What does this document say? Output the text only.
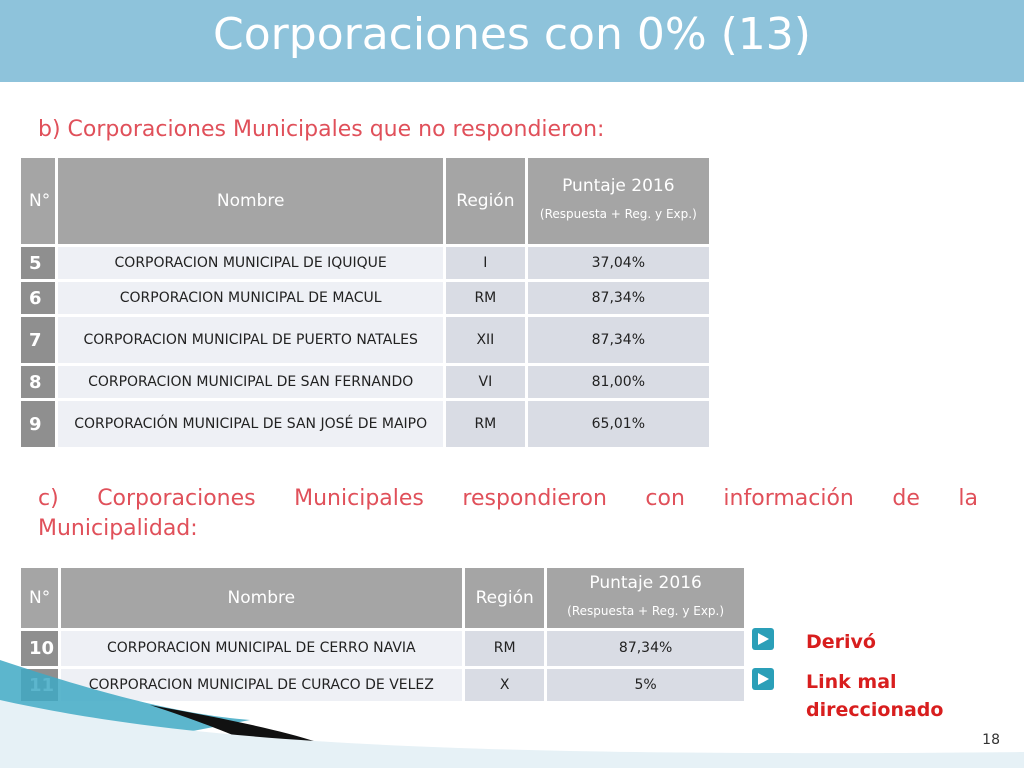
Corporaciones con 0% (13)
b) Corporaciones Municipales que no respondieron:
N°	Nombre	Región	Puntaje 2016
(Respuesta + Reg. y Exp.)

5	CORPORACION MUNICIPAL DE IQUIQUE	I	37,04%
6	CORPORACION MUNICIPAL DE MACUL	RM	87,34%
7	CORPORACION MUNICIPAL DE PUERTO NATALES	XII	87,34%
8	CORPORACION MUNICIPAL DE SAN FERNANDO	VI	81,00%
9	CORPORACIÓN MUNICIPAL DE SAN JOSÉ DE MAIPO	RM	65,01%
c) Corporaciones Municipales respondieron con información de la
Municipalidad:
N°	Nombre	Región	Puntaje 2016
(Respuesta + Reg. y Exp.)

10	CORPORACION MUNICIPAL DE CERRO NAVIA	RM	87,34%
	CORPORACION MUNICIPAL DE CURACO DE VELEZ	X	5%
Derivó
Link mal
direccionado
18
